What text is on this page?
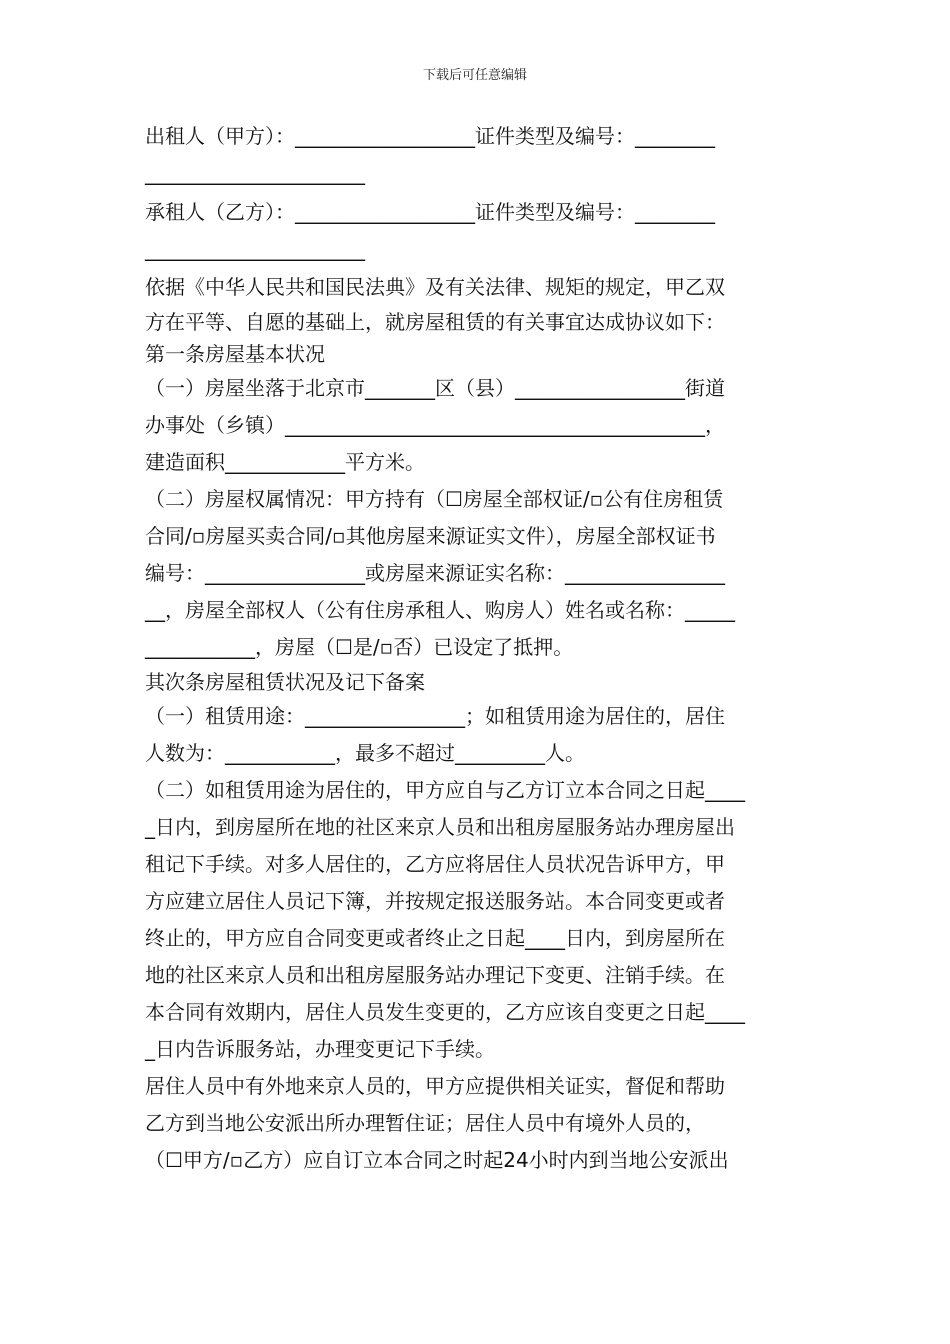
下载后可任意编辑

出租人（甲方）：__________________证件类型及编号：________

______________________

承租人（乙方）：__________________证件类型及编号：________

______________________

依据《中华人民共和国民法典》及有关法律、规矩的规定，甲乙双

方在平等、自愿的基础上，就房屋租赁的有关事宜达成协议如下：

第一条房屋基本状况

（一）房屋坐落于北京市_______区（县）_________________街道

办事处（乡镇）__________________________________________，

建造面积____________平方米。

（二）房屋权属情况：甲方持有（☐房屋全部权证/▫公有住房租赁

合同/▫房屋买卖合同/▫其他房屋来源证实文件），房屋全部权证书

编号：________________或房屋来源证实名称：________________

__，房屋全部权人（公有住房承租人、购房人）姓名或名称：_____

___________，房屋（☐是/▫否）已设定了抵押。

其次条房屋租赁状况及记下备案

（一）租赁用途：________________；如租赁用途为居住的，居住

人数为：___________，最多不超过_________人。

（二）如租赁用途为居住的，甲方应自与乙方订立本合同之日起____

_日内，到房屋所在地的社区来京人员和出租房屋服务站办理房屋出

租记下手续。对多人居住的，乙方应将居住人员状况告诉甲方，甲

方应建立居住人员记下簿，并按规定报送服务站。本合同变更或者

终止的，甲方应自合同变更或者终止之日起____日内，到房屋所在

地的社区来京人员和出租房屋服务站办理记下变更、注销手续。在

本合同有效期内，居住人员发生变更的，乙方应该自变更之日起____

_日内告诉服务站，办理变更记下手续。

居住人员中有外地来京人员的，甲方应提供相关证实，督促和帮助

乙方到当地公安派出所办理暂住证；居住人员中有境外人员的，

（☐甲方/▫乙方）应自订立本合同之时起24小时内到当地公安派出
